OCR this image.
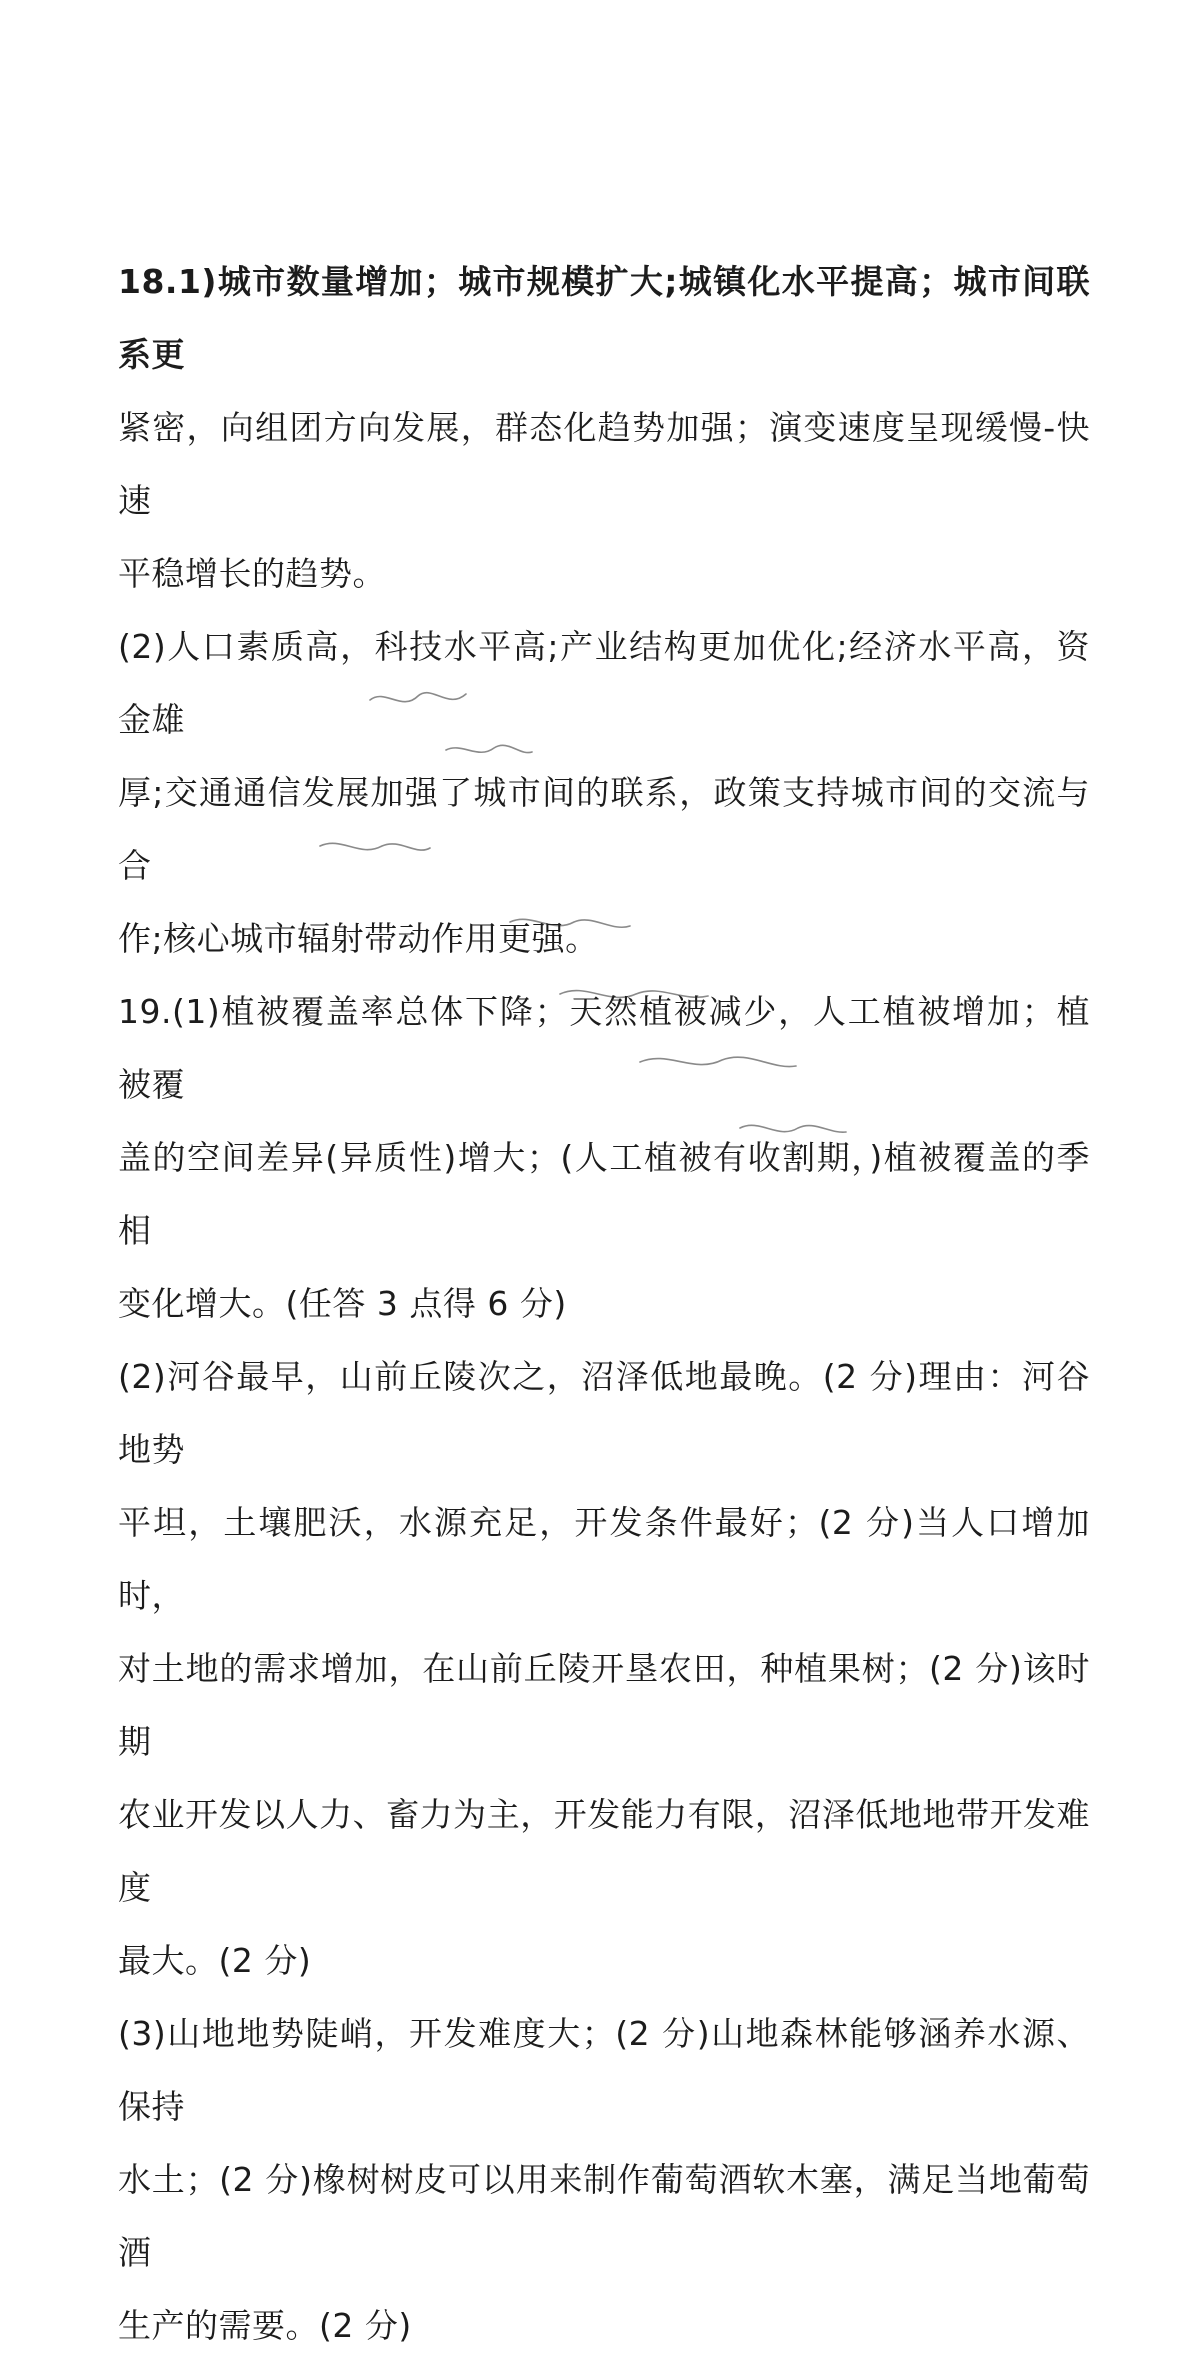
18.1)城市数量增加；城市规模扩大;城镇化水平提高；城市间联系更

紧密，向组团方向发展，群态化趋势加强；演变速度呈现缓慢-快速

平稳增长的趋势。

(2)人口素质高，科技水平高;产业结构更加优化;经济水平高，资金雄

厚;交通通信发展加强了城市间的联系，政策支持城市间的交流与合

作;核心城市辐射带动作用更强。

19.(1)植被覆盖率总体下降；天然植被减少，人工植被增加；植被覆

盖的空间差异(异质性)增大；(人工植被有收割期，)植被覆盖的季相

变化增大。(任答 3 点得 6 分)

(2)河谷最早，山前丘陵次之，沼泽低地最晚。(2 分)理由：河谷地势

平坦，土壤肥沃，水源充足，开发条件最好；(2 分)当人口增加时，

对土地的需求增加，在山前丘陵开垦农田，种植果树；(2 分)该时期

农业开发以人力、畜力为主，开发能力有限，沼泽低地地带开发难度

最大。(2 分)

(3)山地地势陡峭，开发难度大；(2 分)山地森林能够涵养水源、保持

水土；(2 分)橡树树皮可以用来制作葡萄酒软木塞，满足当地葡萄酒

生产的需要。(2 分)
